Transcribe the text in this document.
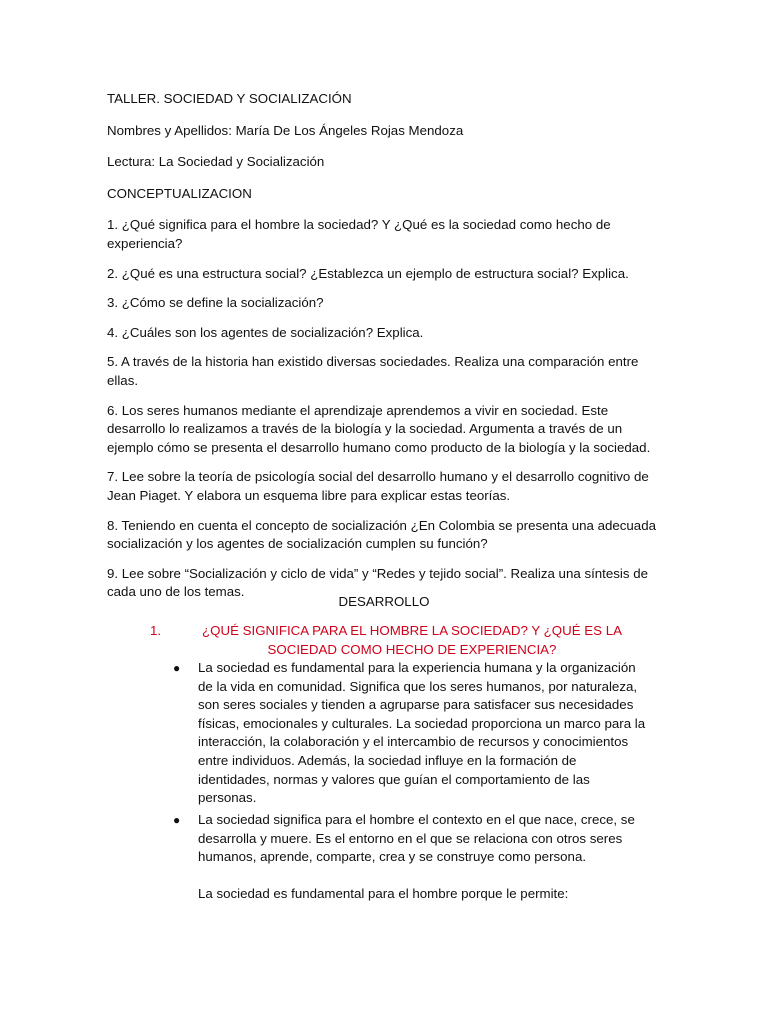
TALLER. SOCIEDAD Y SOCIALIZACIÓN

Nombres y Apellidos: María De Los Ángeles Rojas Mendoza

Lectura: La Sociedad y Socialización

CONCEPTUALIZACION

1. ¿Qué significa para el hombre la sociedad? Y ¿Qué es la sociedad como hecho de experiencia?

2. ¿Qué es una estructura social? ¿Establezca un ejemplo de estructura social? Explica.

3. ¿Cómo se define la socialización?

4. ¿Cuáles son los agentes de socialización? Explica.

5. A través de la historia han existido diversas sociedades. Realiza una comparación entre ellas.

6. Los seres humanos mediante el aprendizaje aprendemos a vivir en sociedad. Este desarrollo lo realizamos a través de la biología y la sociedad. Argumenta a través de un ejemplo cómo se presenta el desarrollo humano como producto de la biología y la sociedad.

7. Lee sobre la teoría de psicología social del desarrollo humano y el desarrollo cognitivo de Jean Piaget. Y elabora un esquema libre para explicar estas teorías.

8. Teniendo en cuenta el concepto de socialización ¿En Colombia se presenta una adecuada socialización y los agentes de socialización cumplen su función?

9. Lee sobre “Socialización y ciclo de vida” y “Redes y tejido social”. Realiza una síntesis de cada uno de los temas.

DESARROLLO
1.	¿QUÉ SIGNIFICA PARA EL HOMBRE LA SOCIEDAD? Y ¿QUÉ ES LA SOCIEDAD COMO HECHO DE EXPERIENCIA?
● La sociedad es fundamental para la experiencia humana y la organización de la vida en comunidad. Significa que los seres humanos, por naturaleza, son seres sociales y tienden a agruparse para satisfacer sus necesidades físicas, emocionales y culturales. La sociedad proporciona un marco para la interacción, la colaboración y el intercambio de recursos y conocimientos entre individuos. Además, la sociedad influye en la formación de identidades, normas y valores que guían el comportamiento de las personas.
● La sociedad significa para el hombre el contexto en el que nace, crece, se desarrolla y muere. Es el entorno en el que se relaciona con otros seres humanos, aprende, comparte, crea y se construye como persona.

La sociedad es fundamental para el hombre porque le permite:
